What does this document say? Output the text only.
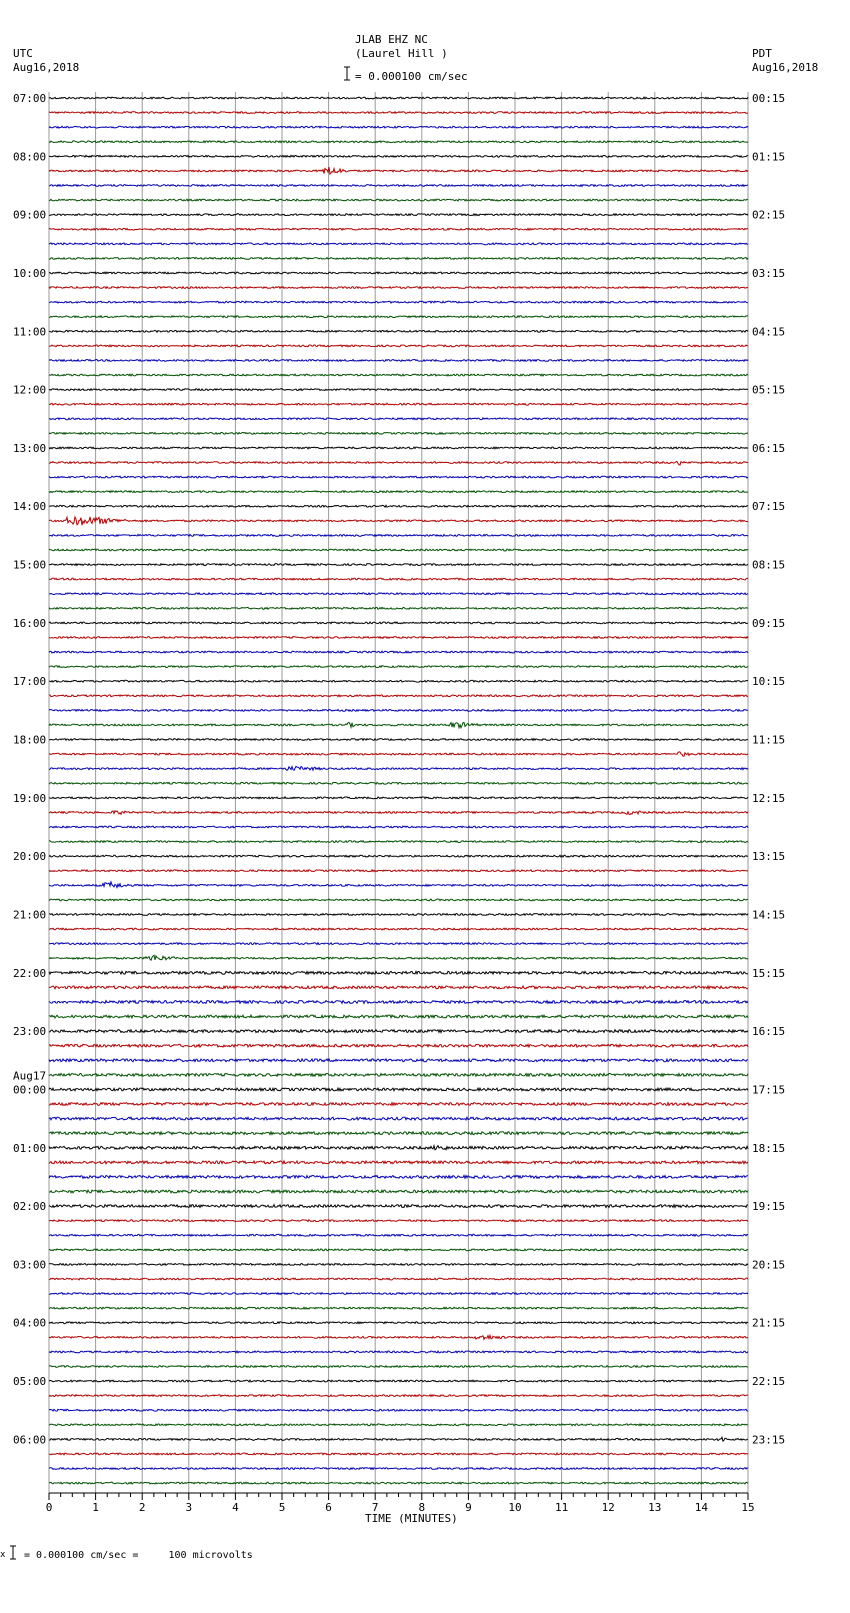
0	1	2	3	4	5	6	7	8	9	10	11	12	13	14	15
07:00	00:15
08:00	01:15
09:00	02:15
10:00	03:15
11:00	04:15
12:00	05:15
13:00	06:15
14:00	07:15
15:00	08:15
16:00	09:15
17:00	10:15
18:00	11:15
19:00	12:15
20:00	13:15
21:00	14:15
22:00	15:15
23:00	16:15
00:00	17:15
01:00	18:15
02:00	19:15
03:00	20:15
04:00	21:15
05:00	22:15
06:00	23:15
Aug17
JLAB EHZ NC
(Laurel Hill )
= 0.000100 cm/sec
UTC
Aug16,2018
PDT
Aug16,2018
TIME (MINUTES)
x = 0.000100 cm/sec =     100 microvolts
